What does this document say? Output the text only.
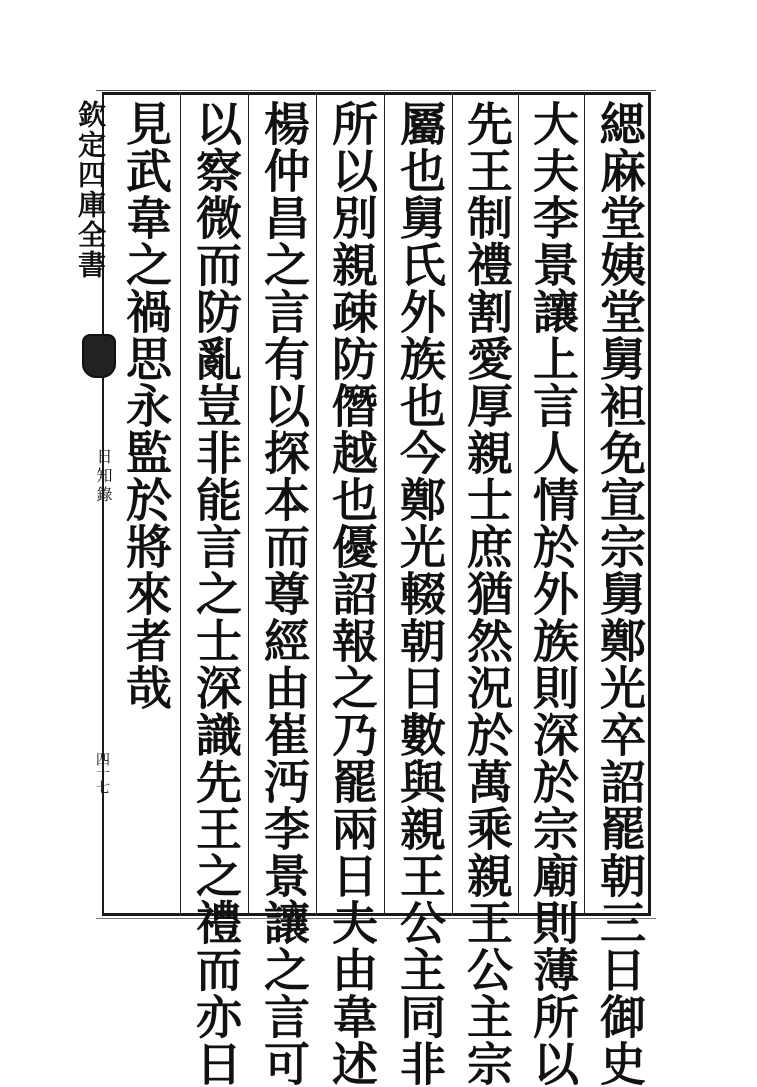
欽定四庫全書
日知錄
四十七	緦麻堂姨堂舅袒免宣宗舅鄭光卒詔罷朝三日御史
大夫李景讓上言人情於外族則深於宗廟則薄所以
先王制禮割愛厚親士庶猶然況於萬乘親王公主宗
屬也舅氏外族也今鄭光輟朝日數與親王公主同非
所以別親疎防僭越也優詔報之乃罷兩日夫由韋述
楊仲昌之言有以探本而尊經由崔沔李景讓之言可
以察微而防亂豈非能言之士深識先王之禮而亦日
見武韋之禍思永監於將來者哉
